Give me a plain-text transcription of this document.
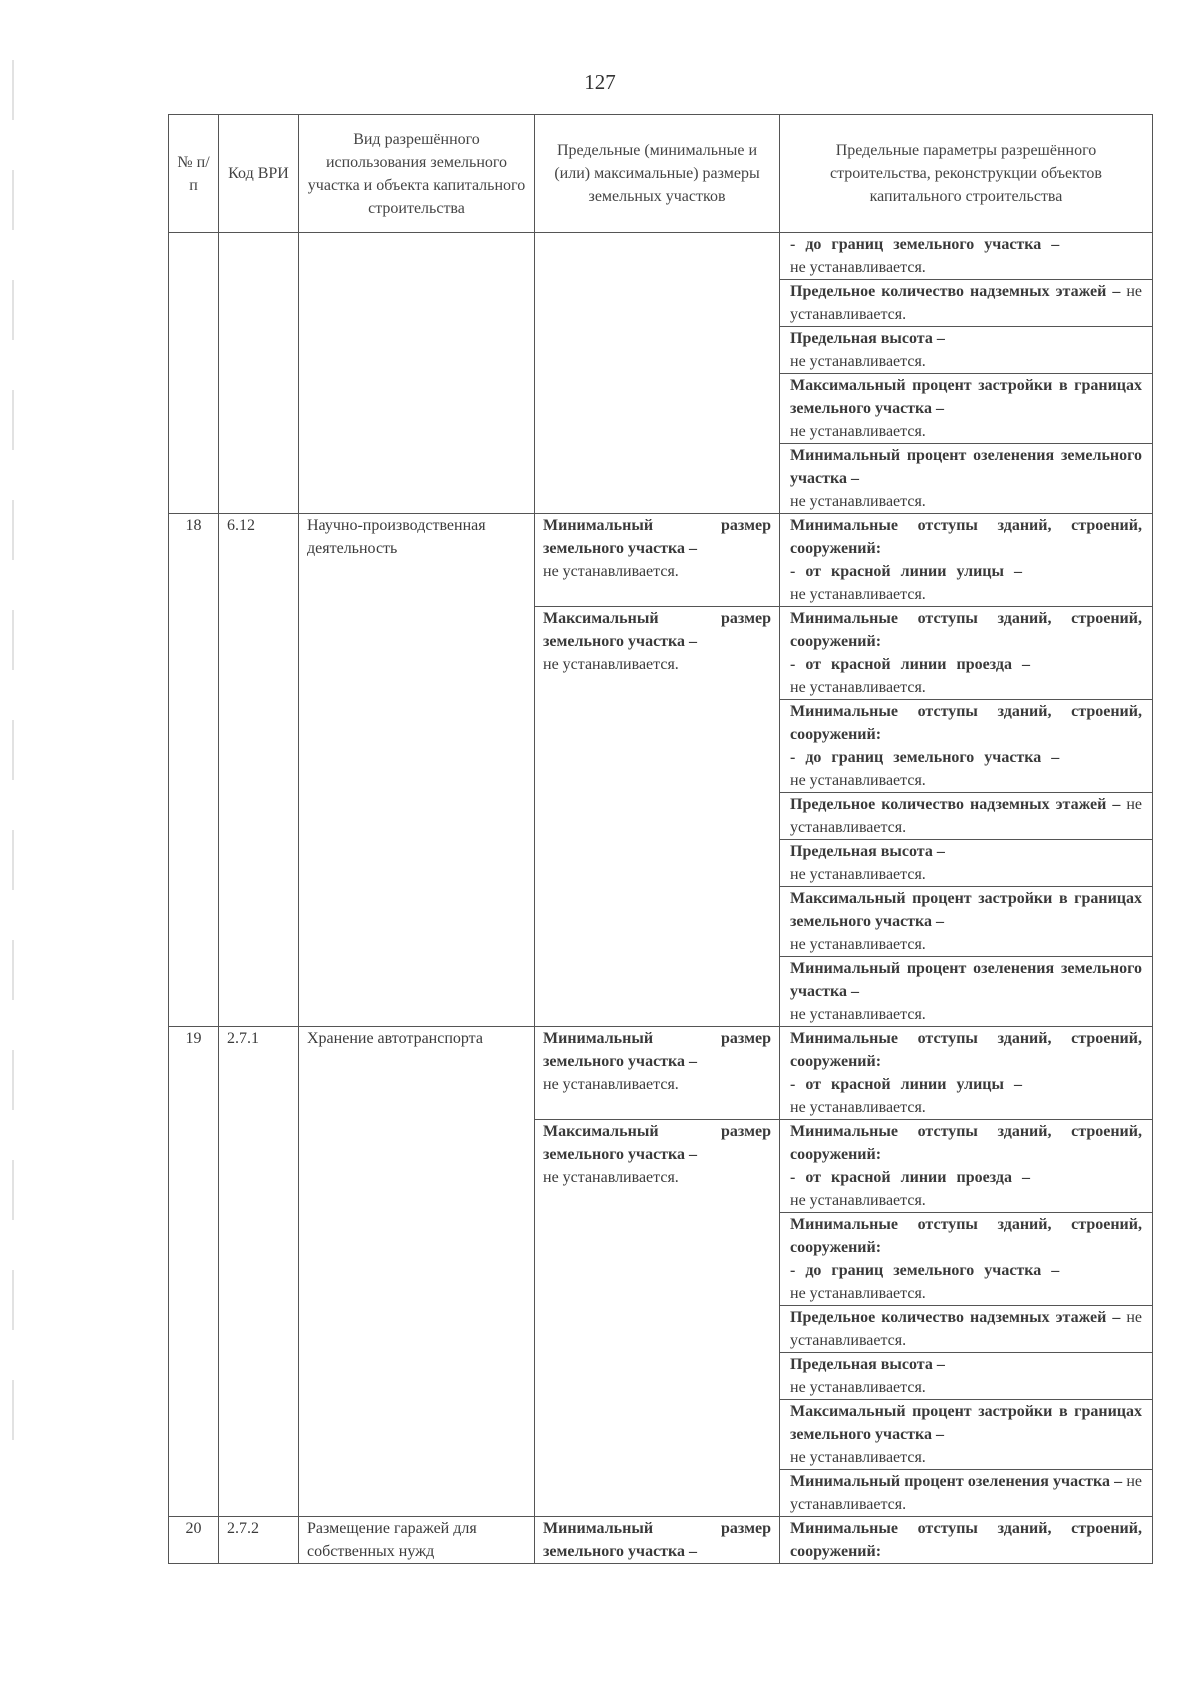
127
№ п/п	Код ВРИ	Вид разрешённого использования земельного участка и объекта капитального строительства	Предельные (минимальные и (или) максимальные) размеры земельных участков	Предельные параметры разрешённого строительства, реконструкции объектов капитального строительства

				- до границ земельного участка –
не устанавливается.

				Предельное количество надземных этажей – не устанавливается.
				Предельная высота –
не устанавливается.

				Максимальный процент застройки в границах земельного участка –
не устанавливается.

				Минимальный процент озеленения земельного участка –
не устанавливается.

18	6.12	Научно-производственная деятельность	Минимальный размер земельного участка –
не устанавливается.	Минимальные отступы зданий, строений, сооружений:
- от красной линии улицы –
не устанавливается.

			Максимальный размер земельного участка –
не устанавливается.	Минимальные отступы зданий, строений, сооружений:
- от красной линии проезда –
не устанавливается.

				Минимальные отступы зданий, строений, сооружений:
- до границ земельного участка –
не устанавливается.

				Предельное количество надземных этажей – не устанавливается.
				Предельная высота –
не устанавливается.

				Максимальный процент застройки в границах земельного участка –
не устанавливается.

				Минимальный процент озеленения земельного участка –
не устанавливается.

19	2.7.1	Хранение автотранспорта	Минимальный размер земельного участка –
не устанавливается.	Минимальные отступы зданий, строений, сооружений:
- от красной линии улицы –
не устанавливается.

			Максимальный размер земельного участка –
не устанавливается.	Минимальные отступы зданий, строений, сооружений:
- от красной линии проезда –
не устанавливается.

				Минимальные отступы зданий, строений, сооружений:
- до границ земельного участка –
не устанавливается.

				Предельное количество надземных этажей – не устанавливается.
				Предельная высота –
не устанавливается.

				Максимальный процент застройки в границах земельного участка –
не устанавливается.

				Минимальный процент озеленения участка – не устанавливается.
20	2.7.2	Размещение гаражей для собственных нужд	Минимальный размер земельного участка –	Минимальные отступы зданий, строений, сооружений:
